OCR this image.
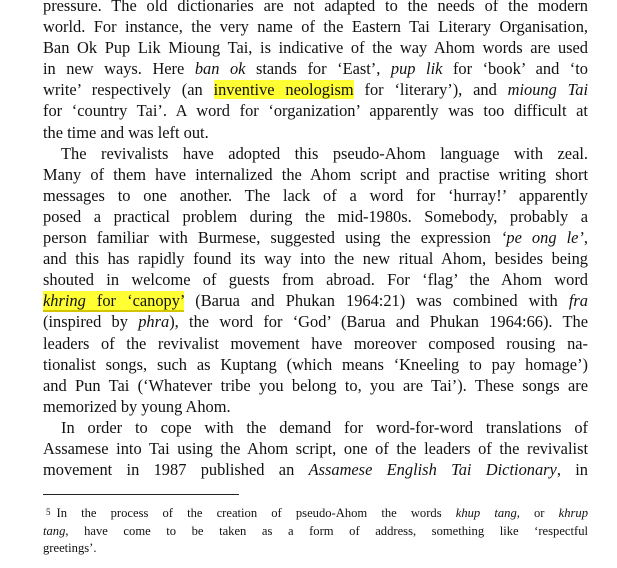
pressure. The old dictionaries are not adapted to the needs of the modern
world. For instance, the very name of the Eastern Tai Literary Organisation,
Ban Ok Pup Lik Mioung Tai, is indicative of the way Ahom words are used
in new ways. Here ban ok stands for ‘East’, pup lik for ‘book’ and ‘to
write’ respectively (an inventive neologism for ‘literary’), and mioung Tai
for ‘country Tai’. A word for ‘organization’ apparently was too difficult at
the time and was left out.
The revivalists have adopted this pseudo-Ahom language with zeal.
Many of them have internalized the Ahom script and practise writing short
messages to one another. The lack of a word for ‘hurray!’ apparently
posed a practical problem during the mid-1980s. Somebody, probably a
person familiar with Burmese, suggested using the expression ‘pe ong le’,
and this has rapidly found its way into the new ritual Ahom, besides being
shouted in welcome of guests from abroad. For ‘flag’ the Ahom word
khring for ‘canopy’ (Barua and Phukan 1964:21) was combined with fra
(inspired by phra), the word for ‘God’ (Barua and Phukan 1964:66). The
leaders of the revivalist movement have moreover composed rousing na-
tionalist songs, such as Kuptang (which means ‘Kneeling to pay homage’)
and Pun Tai (‘Whatever tribe you belong to, you are Tai’). These songs are
memorized by young Ahom.
In order to cope with the demand for word-for-word translations of
Assamese into Tai using the Ahom script, one of the leaders of the revivalist
movement in 1987 published an Assamese English Tai Dictionary, in
$^5$ In the process of the creation of pseudo-Ahom the words khup tang, or khrup
tang, have come to be taken as a form of address, something like ‘respectful
greetings’.
